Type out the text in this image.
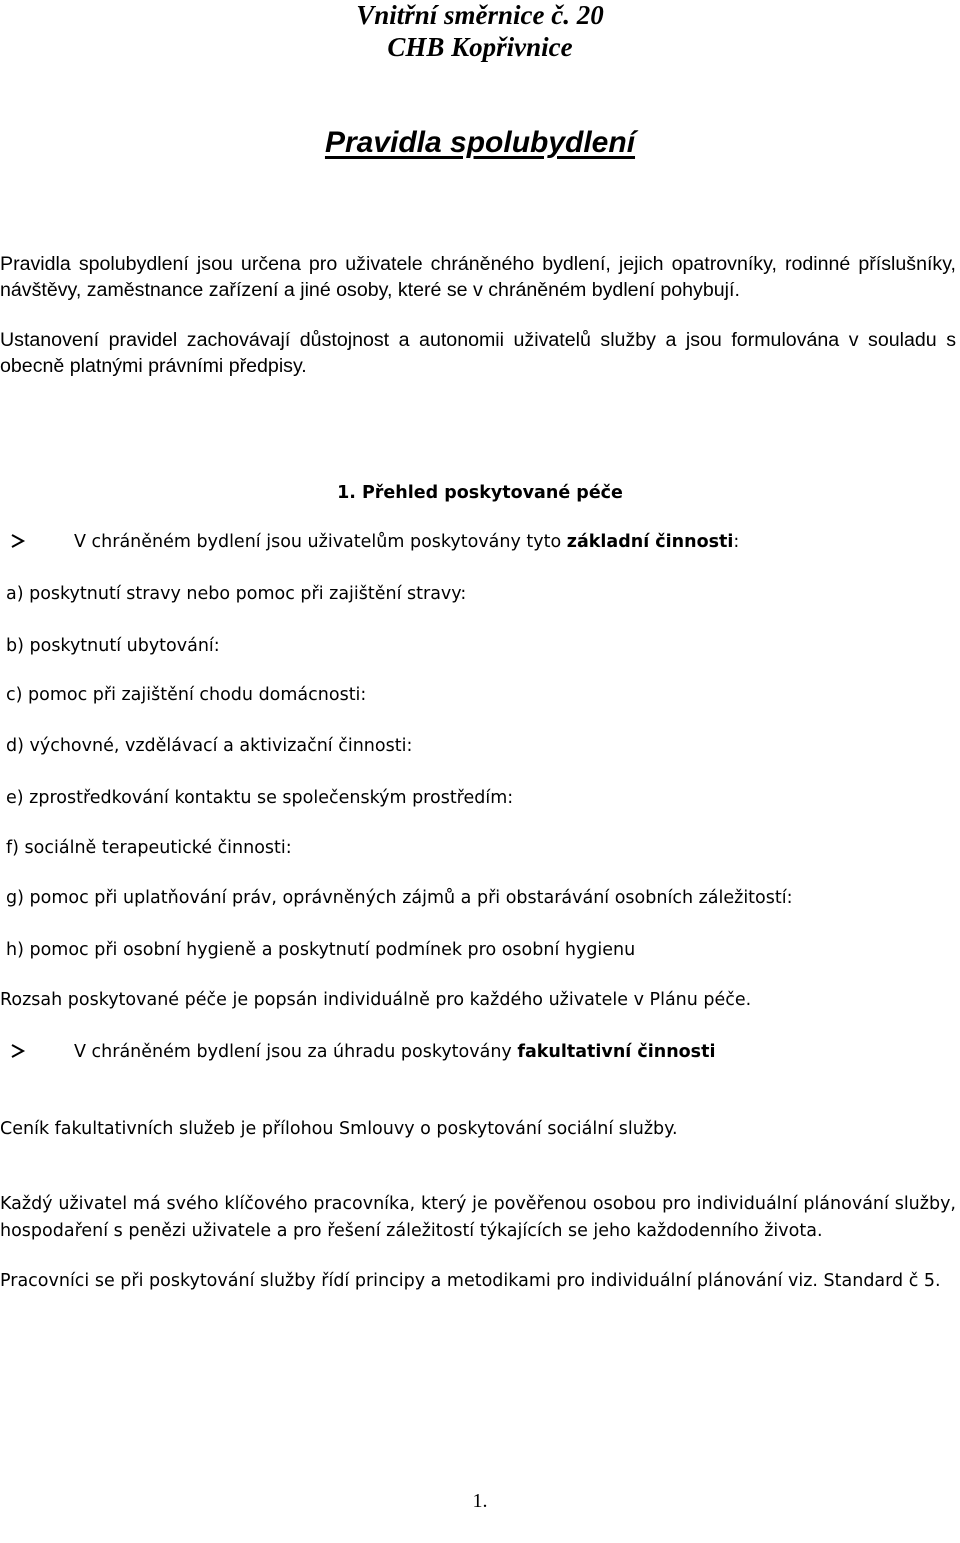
Vnitřní směrnice č. 20
CHB Kopřivnice
Pravidla spolubydlení
Pravidla spolubydlení jsou určena pro uživatele chráněného bydlení, jejich opatrovníky, rodinné příslušníky, návštěvy, zaměstnance zařízení a jiné osoby, které se v chráněném bydlení pohybují.
Ustanovení pravidel zachovávají důstojnost a autonomii uživatelů služby a jsou formulována v souladu s obecně platnými právními předpisy.
1. Přehled poskytované péče
V chráněném bydlení jsou uživatelům poskytovány tyto základní činnosti:
a) poskytnutí stravy nebo pomoc při zajištění stravy:
b) poskytnutí ubytování:
c) pomoc při zajištění chodu domácnosti:
d) výchovné, vzdělávací a aktivizační činnosti:
e) zprostředkování kontaktu se společenským prostředím:
f) sociálně terapeutické činnosti:
g) pomoc při uplatňování práv, oprávněných zájmů a při obstarávání osobních záležitostí:
h) pomoc při osobní hygieně a poskytnutí podmínek pro osobní hygienu
Rozsah poskytované péče je popsán individuálně pro každého uživatele v Plánu péče.
V chráněném bydlení jsou za úhradu poskytovány fakultativní činnosti
Ceník fakultativních služeb je přílohou Smlouvy o poskytování sociální služby.
Každý uživatel má svého klíčového pracovníka, který je pověřenou osobou pro individuální plánování služby, hospodaření s penězi uživatele a pro řešení záležitostí týkajících se jeho každodenního života.
Pracovníci se při poskytování služby řídí principy a metodikami pro individuální plánování viz. Standard č 5.
1.
